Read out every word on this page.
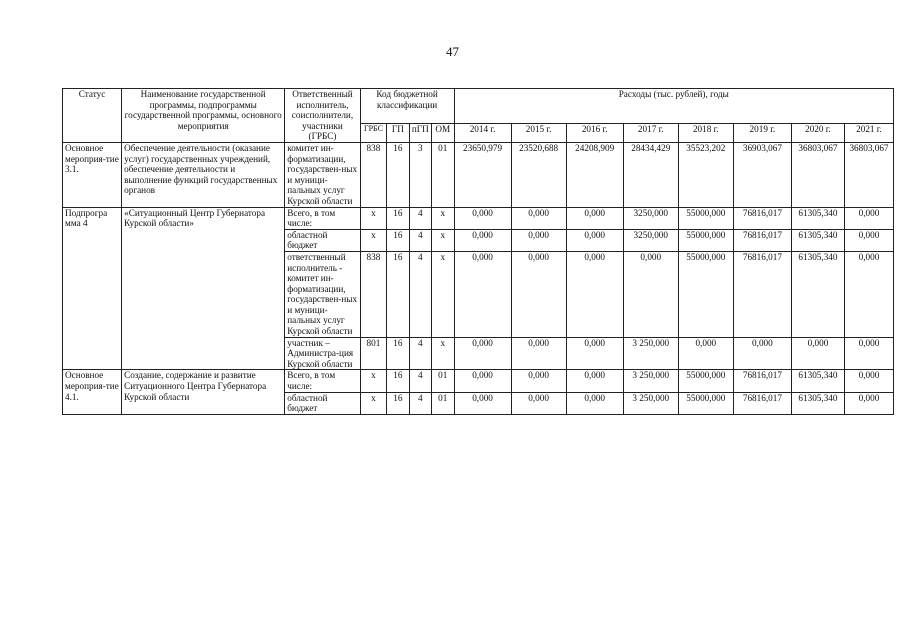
47
Статус	Наименование государственной программы, подпрограммы государственной программы, основного мероприятия	Ответственный исполнитель, соисполнители, участники (ГРБС)	Код бюджетной классификации				Расходы (тыс. рублей), годы							
			ГРБС	ГП	пГП	ОМ	2014 г.	2015 г.	2016 г.	2017 г.	2018 г.	2019 г.	2020 г.	2021 г.
Основное мероприя-тие 3.1.	Обеспечение деятельности (оказание услуг) государственных учреждений, обеспечение деятельности и выполнение функций государственных органов	комитет ин-форматизации, государствен-ных и муници-пальных услуг Курской области	838	16	3	01	23650,979	23520,688	24208,909	28434,429	35523,202	36903,067	36803,067	36803,067
Подпрогра мма 4	«Ситуационный Центр Губернатора Курской области»	Всего, в том числе:	x	16	4	x	0,000	0,000	0,000	3250,000	55000,000	76816,017	61305,340	0,000
		областной бюджет	x	16	4	x	0,000	0,000	0,000	3250,000	55000,000	76816,017	61305,340	0,000
		ответственный исполнитель - комитет ин-форматизации, государствен-ных и муници-пальных услуг Курской области	838	16	4	x	0,000	0,000	0,000	0,000	55000,000	76816,017	61305,340	0,000
		участник – Администра-ция Курской области	801	16	4	x	0,000	0,000	0,000	3 250,000	0,000	0,000	0,000	0,000
Основное мероприя-тие 4.1.	Создание, содержание и развитие Ситуационного Центра Губернатора Курской области	Всего, в том числе:	x	16	4	01	0,000	0,000	0,000	3 250,000	55000,000	76816,017	61305,340	0,000
		областной бюджет	x	16	4	01	0,000	0,000	0,000	3 250,000	55000,000	76816,017	61305,340	0,000
